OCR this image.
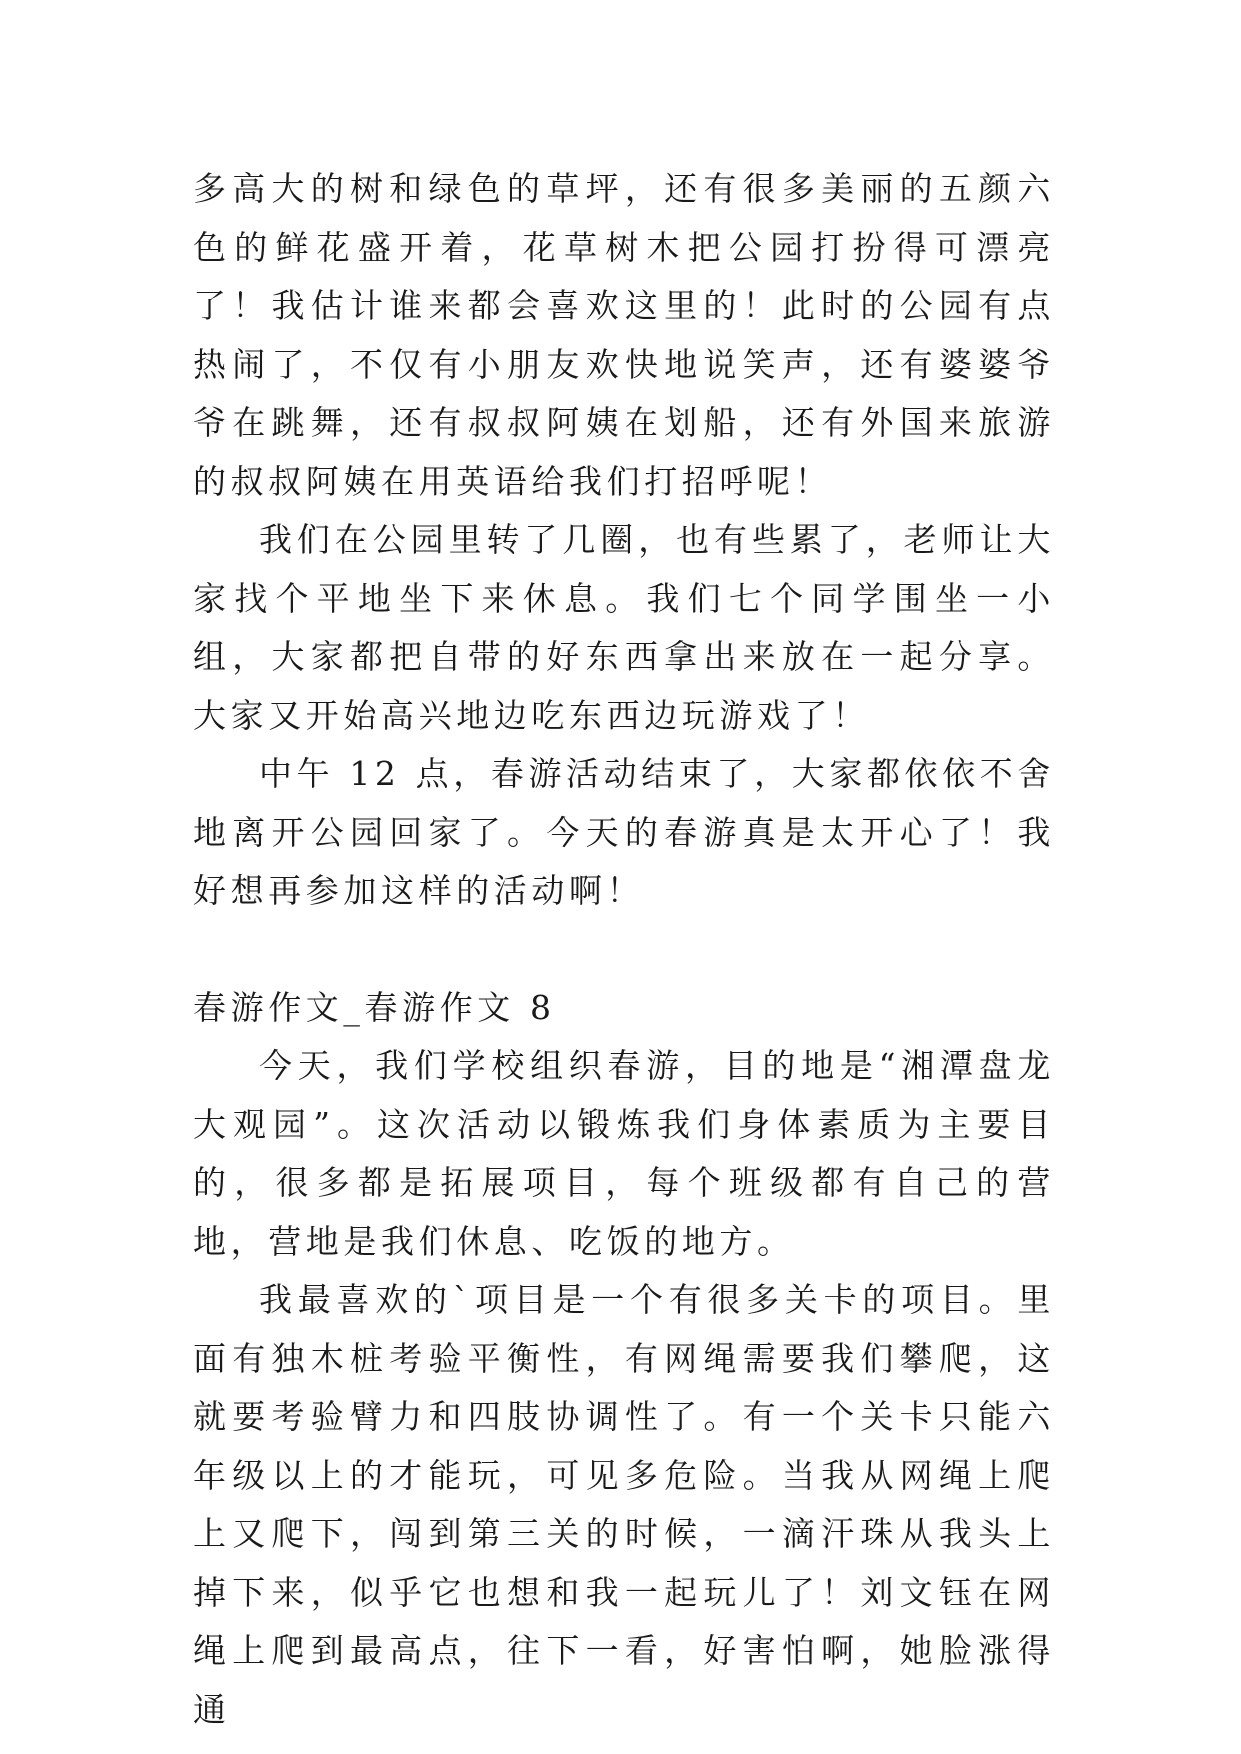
多高大的树和绿色的草坪，还有很多美丽的五颜六色的鲜花盛开着，花草树木把公园打扮得可漂亮了！我估计谁来都会喜欢这里的！此时的公园有点热闹了，不仅有小朋友欢快地说笑声，还有婆婆爷爷在跳舞，还有叔叔阿姨在划船，还有外国来旅游的叔叔阿姨在用英语给我们打招呼呢！

我们在公园里转了几圈，也有些累了，老师让大家找个平地坐下来休息。我们七个同学围坐一小组，大家都把自带的好东西拿出来放在一起分享。大家又开始高兴地边吃东西边玩游戏了！

中午 12 点，春游活动结束了，大家都依依不舍地离开公园回家了。今天的春游真是太开心了！我好想再参加这样的活动啊！

春游作文_春游作文 8

今天，我们学校组织春游，目的地是“湘潭盘龙大观园”。这次活动以锻炼我们身体素质为主要目的，很多都是拓展项目，每个班级都有自己的营地，营地是我们休息、吃饭的地方。

我最喜欢的`项目是一个有很多关卡的项目。里面有独木桩考验平衡性，有网绳需要我们攀爬，这就要考验臂力和四肢协调性了。有一个关卡只能六年级以上的才能玩，可见多危险。当我从网绳上爬上又爬下，闯到第三关的时候，一滴汗珠从我头上掉下来，似乎它也想和我一起玩儿了！刘文钰在网绳上爬到最高点，往下一看，好害怕啊，她脸涨得通
